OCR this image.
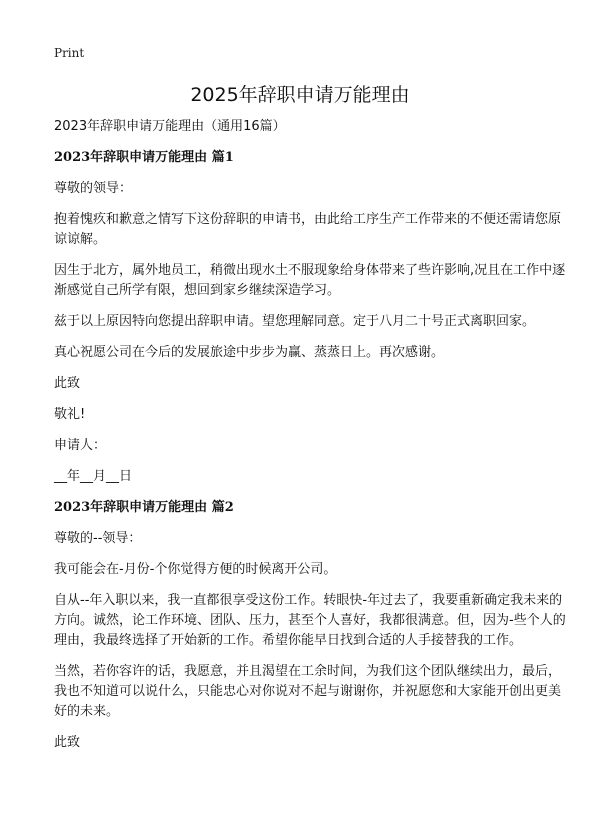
Print
2025年辞职申请万能理由

2023年辞职申请万能理由（通用16篇）

2023年辞职申请万能理由 篇1

尊敬的领导：

抱着愧疚和歉意之情写下这份辞职的申请书，由此给工序生产工作带来的不便还需请您原谅谅解。

因生于北方，属外地员工，稍微出现水土不服现象给身体带来了些许影响,况且在工作中逐渐感觉自己所学有限，想回到家乡继续深造学习。

兹于以上原因特向您提出辞职申请。望您理解同意。定于八月二十号正式离职回家。

真心祝愿公司在今后的发展旅途中步步为赢、蒸蒸日上。再次感谢。

此致

敬礼!

申请人：

__年__月__日

2023年辞职申请万能理由 篇2

尊敬的--领导：

我可能会在-月份-个你觉得方便的时候离开公司。

自从--年入职以来，我一直都很享受这份工作。转眼快-年过去了，我要重新确定我未来的方向。诚然，论工作环境、团队、压力，甚至个人喜好，我都很满意。但，因为-些个人的理由，我最终选择了开始新的工作。希望你能早日找到合适的人手接替我的工作。

当然，若你容许的话，我愿意，并且渴望在工余时间，为我们这个团队继续出力，最后，我也不知道可以说什么，只能忠心对你说对不起与谢谢你，并祝愿您和大家能开创出更美好的未来。

此致
